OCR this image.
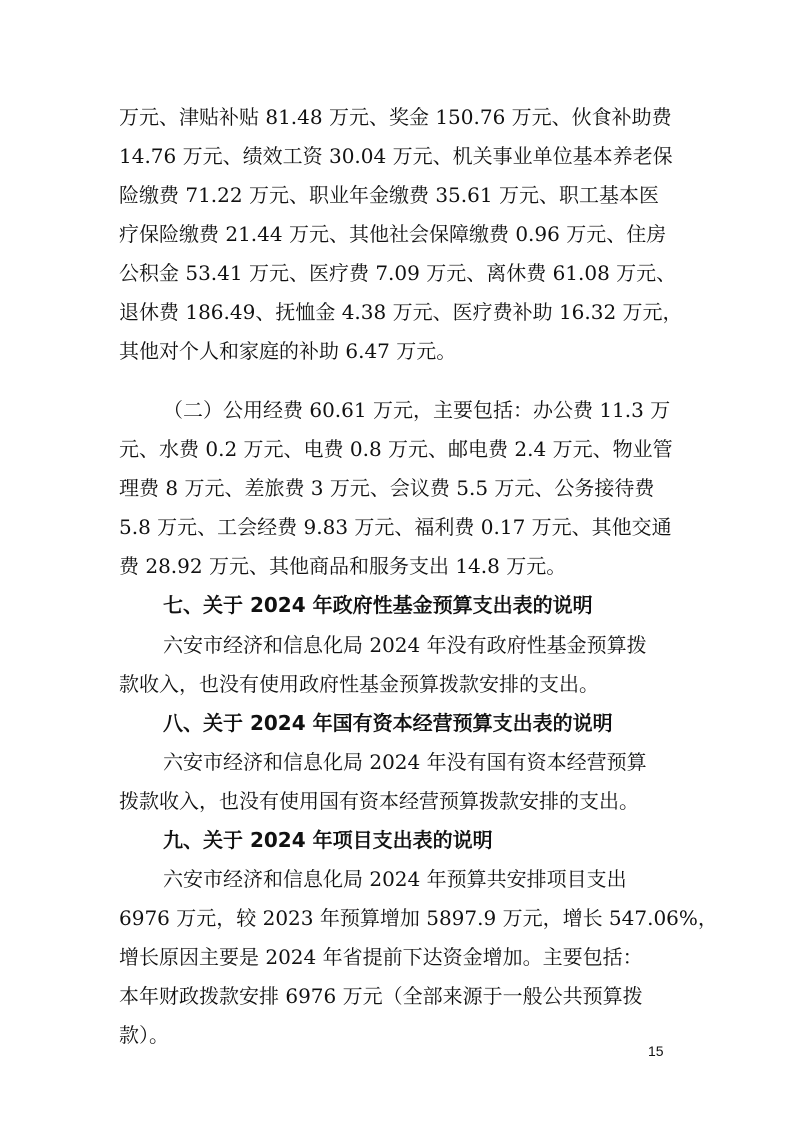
万元、津贴补贴 81.48 万元、奖金 150.76 万元、伙食补助费
14.76 万元、绩效工资 30.04 万元、机关事业单位基本养老保
险缴费 71.22 万元、职业年金缴费 35.61 万元、职工基本医
疗保险缴费 21.44 万元、其他社会保障缴费 0.96 万元、住房
公积金 53.41 万元、医疗费 7.09 万元、离休费 61.08 万元、
退休费 186.49、抚恤金 4.38 万元、医疗费补助 16.32 万元，
其他对个人和家庭的补助 6.47 万元。
（二）公用经费 60.61 万元，主要包括：办公费 11.3 万
元、水费 0.2 万元、电费 0.8 万元、邮电费 2.4 万元、物业管
理费 8 万元、差旅费 3 万元、会议费 5.5 万元、公务接待费
5.8 万元、工会经费 9.83 万元、福利费 0.17 万元、其他交通
费 28.92 万元、其他商品和服务支出 14.8 万元。
七、关于 2024 年政府性基金预算支出表的说明
六安市经济和信息化局 2024 年没有政府性基金预算拨
款收入，也没有使用政府性基金预算拨款安排的支出。
八、关于 2024 年国有资本经营预算支出表的说明
六安市经济和信息化局 2024 年没有国有资本经营预算
拨款收入，也没有使用国有资本经营预算拨款安排的支出。
九、关于 2024 年项目支出表的说明
六安市经济和信息化局 2024 年预算共安排项目支出
6976 万元，较 2023 年预算增加 5897.9 万元，增长 547.06%，
增长原因主要是 2024 年省提前下达资金增加。主要包括：
本年财政拨款安排 6976 万元（全部来源于一般公共预算拨
款）。
15
